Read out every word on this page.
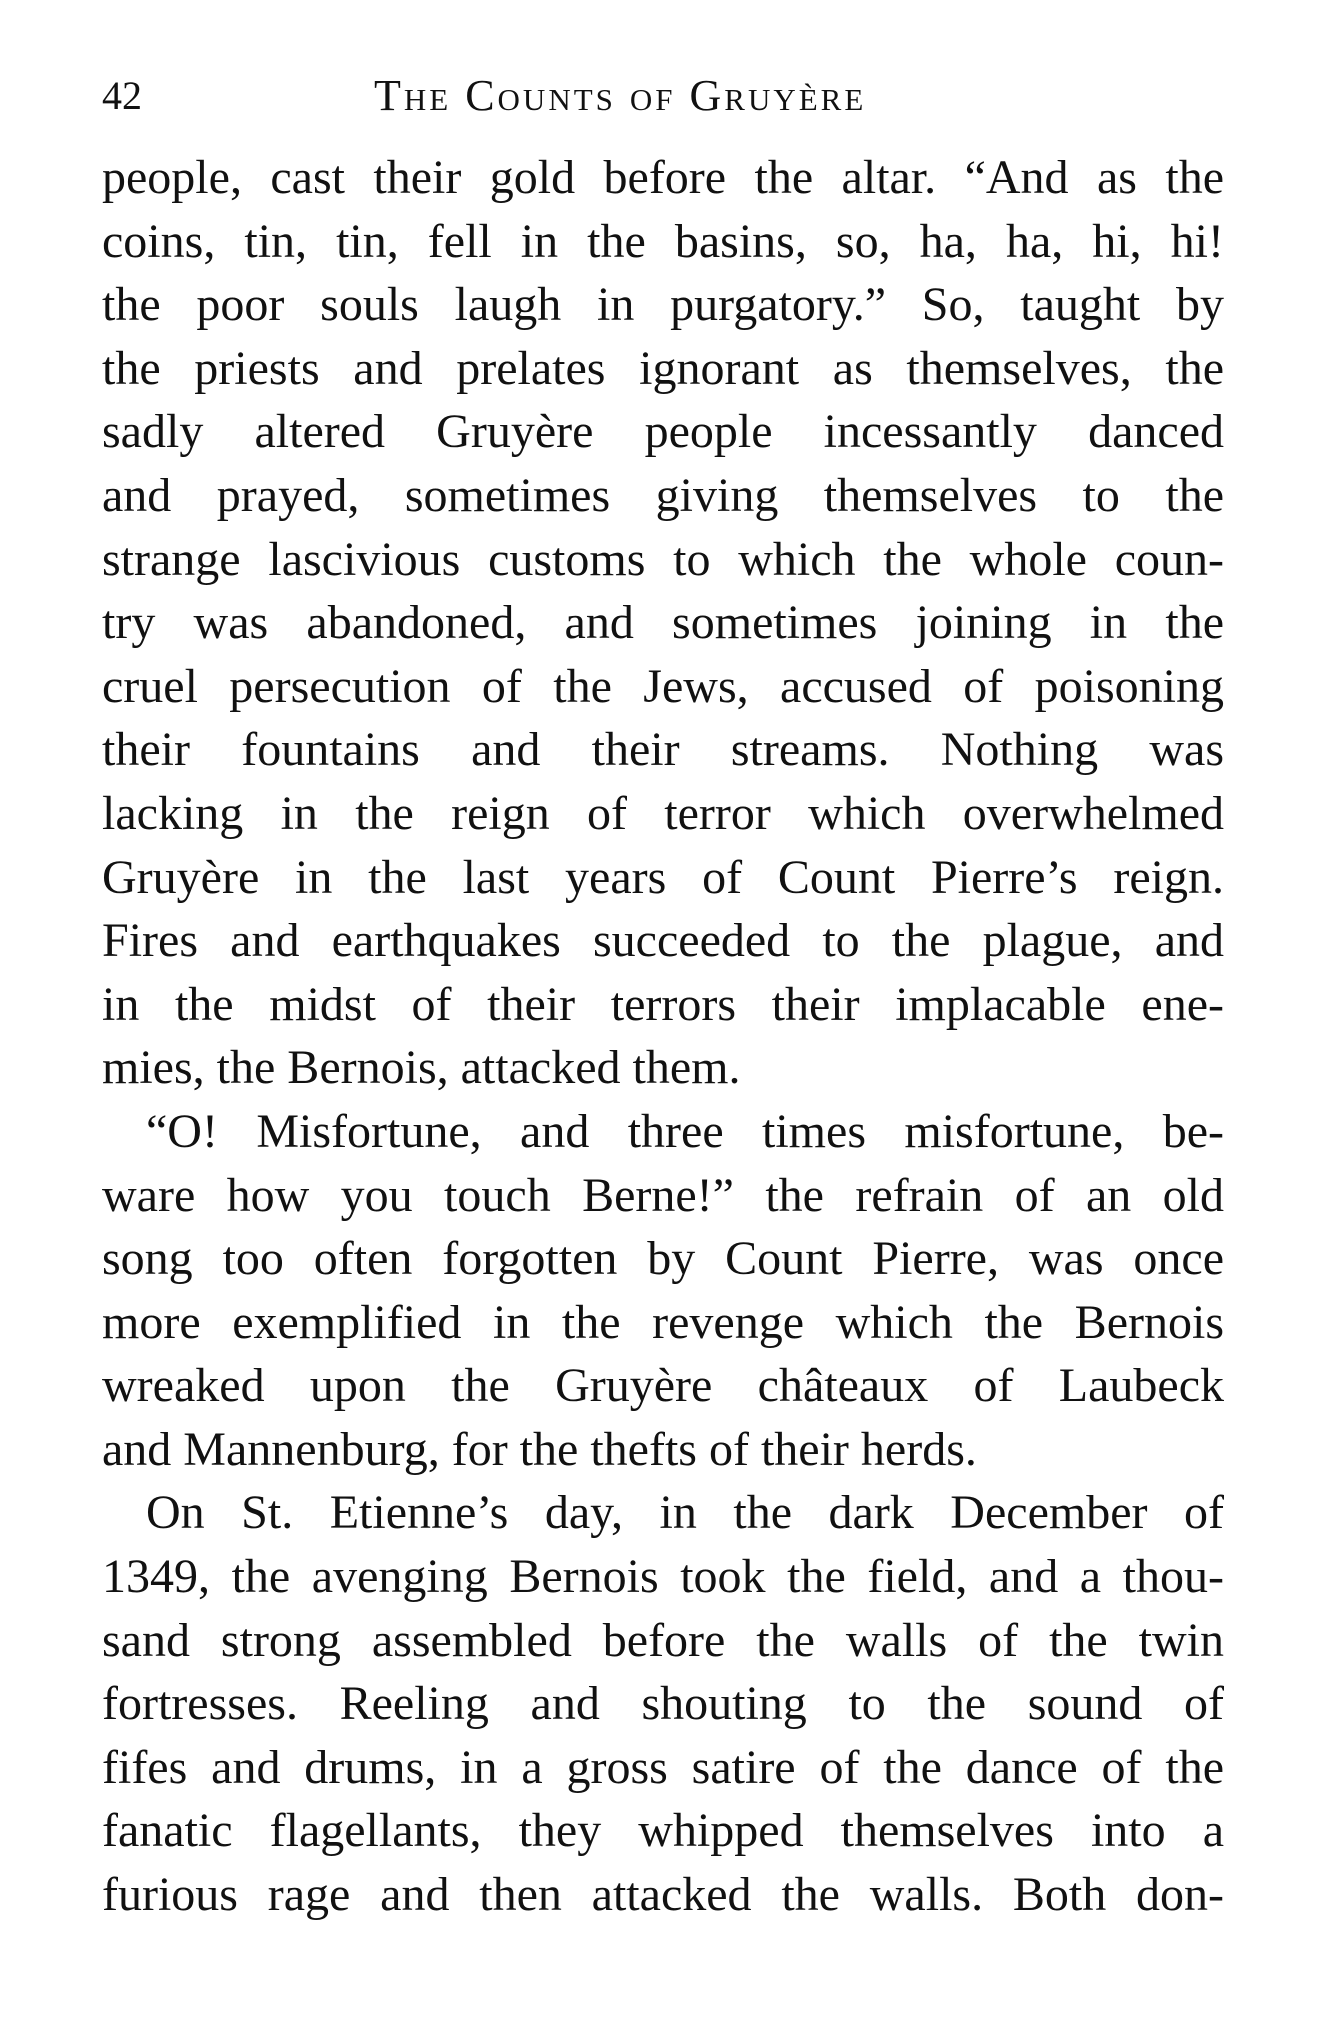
42	The Counts of Gruyère
people, cast their gold before the altar. “And as the
coins, tin, tin, fell in the basins, so, ha, ha, hi, hi!
the poor souls laugh in purgatory.” So, taught by
the priests and prelates ignorant as themselves, the
sadly altered Gruyère people incessantly danced
and prayed, sometimes giving themselves to the
strange lascivious customs to which the whole coun-
try was abandoned, and sometimes joining in the
cruel persecution of the Jews, accused of poisoning
their fountains and their streams. Nothing was
lacking in the reign of terror which overwhelmed
Gruyère in the last years of Count Pierre’s reign.
Fires and earthquakes succeeded to the plague, and
in the midst of their terrors their implacable ene-
mies, the Bernois, attacked them.
“O! Misfortune, and three times misfortune, be-
ware how you touch Berne!” the refrain of an old
song too often forgotten by Count Pierre, was once
more exemplified in the revenge which the Bernois
wreaked upon the Gruyère châteaux of Laubeck
and Mannenburg, for the thefts of their herds.
On St. Etienne’s day, in the dark December of
1349, the avenging Bernois took the field, and a thou-
sand strong assembled before the walls of the twin
fortresses. Reeling and shouting to the sound of
fifes and drums, in a gross satire of the dance of the
fanatic flagellants, they whipped themselves into a
furious rage and then attacked the walls. Both don-
